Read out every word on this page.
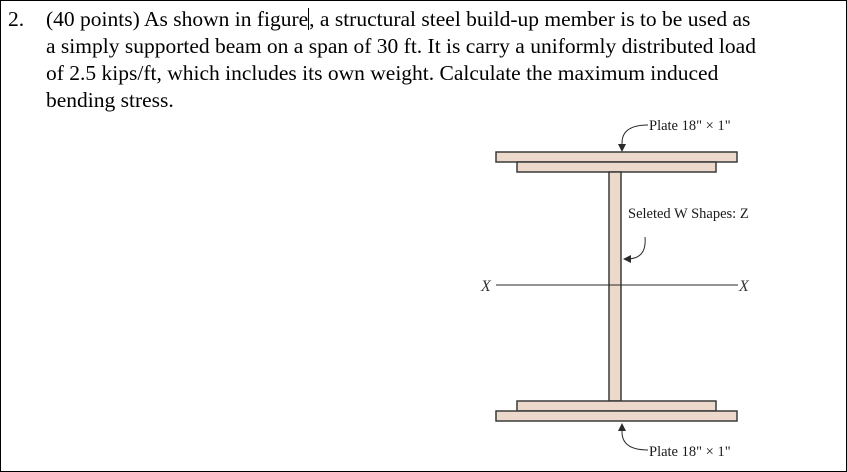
2.	(40 points) As shown in figure, a structural steel build-up member is to be used as
a simply supported beam on a span of 30 ft. It is carry a uniformly distributed load
of 2.5 kips/ft, which includes its own weight. Calculate the maximum induced
bending stress.
X	X
Plate 18" × 1"
Seleted W Shapes: Z
Plate 18" × 1"
